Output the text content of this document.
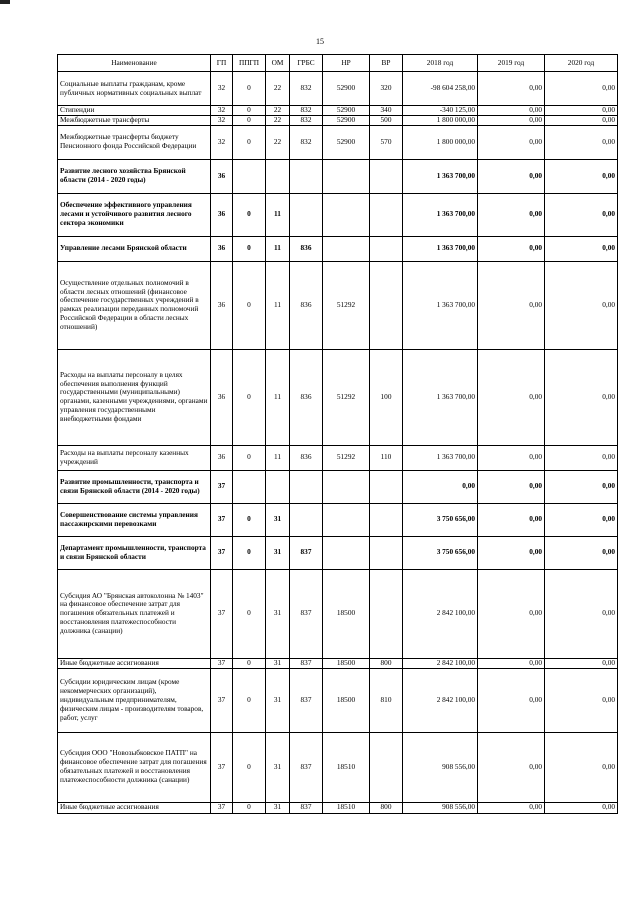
15
Наименование	ГП	ППГП	ОМ	ГРБС	НР	ВР	2018 год	2019 год	2020 год
Социальные выплаты гражданам, кроме публичных нормативных социальных выплат	32	0	22	832	52900	320	-98 604 258,00	0,00	0,00
Стипендии	32	0	22	832	52900	340	-340 125,00	0,00	0,00
Межбюджетные трансферты	32	0	22	832	52900	500	1 800 000,00	0,00	0,00
Межбюджетные трансферты бюджету Пенсионного фонда Российской Федерации	32	0	22	832	52900	570	1 800 000,00	0,00	0,00
Развитие лесного хозяйства Брянской области (2014 - 2020 годы)	36						1 363 700,00	0,00	0,00
Обеспечение эффективного управления лесами и устойчивого развития лесного сектора экономики	36	0	11				1 363 700,00	0,00	0,00
Управление лесами Брянской области	36	0	11	836			1 363 700,00	0,00	0,00
Осуществление отдельных полномочий в области лесных отношений (финансовое обеспечение государственных учреждений в рамках реализации переданных полномочий Российской Федерации в области лесных отношений)	36	0	11	836	51292		1 363 700,00	0,00	0,00
Расходы на выплаты персоналу в целях обеспечения выполнения функций государственными (муниципальными) органами, казенными учреждениями, органами управления государственными внебюджетными фондами	36	0	11	836	51292	100	1 363 700,00	0,00	0,00
Расходы на выплаты персоналу казенных учреждений	36	0	11	836	51292	110	1 363 700,00	0,00	0,00
Развитие промышленности, транспорта и связи Брянской области (2014 - 2020 годы)	37						0,00	0,00	0,00
Совершенствование системы управления пассажирскими перевозками	37	0	31				3 750 656,00	0,00	0,00
Департамент промышленности, транспорта и связи Брянской области	37	0	31	837			3 750 656,00	0,00	0,00
Субсидия АО "Брянская автоколонна № 1403" на финансовое обеспечение затрат для погашения обязательных платежей и восстановления платежеспособности должника (санации)	37	0	31	837	18500		2 842 100,00	0,00	0,00
Иные бюджетные ассигнования	37	0	31	837	18500	800	2 842 100,00	0,00	0,00
Субсидии юридическим лицам (кроме некоммерческих организаций), индивидуальным предпринимателям, физическим лицам - производителям товаров, работ, услуг	37	0	31	837	18500	810	2 842 100,00	0,00	0,00
Субсидия ООО "Новозыбковское ПАТП" на финансовое обеспечение затрат для погашения обязательных платежей и восстановления платежеспособности должника (санации)	37	0	31	837	18510		908 556,00	0,00	0,00
Иные бюджетные ассигнования	37	0	31	837	18510	800	908 556,00	0,00	0,00
